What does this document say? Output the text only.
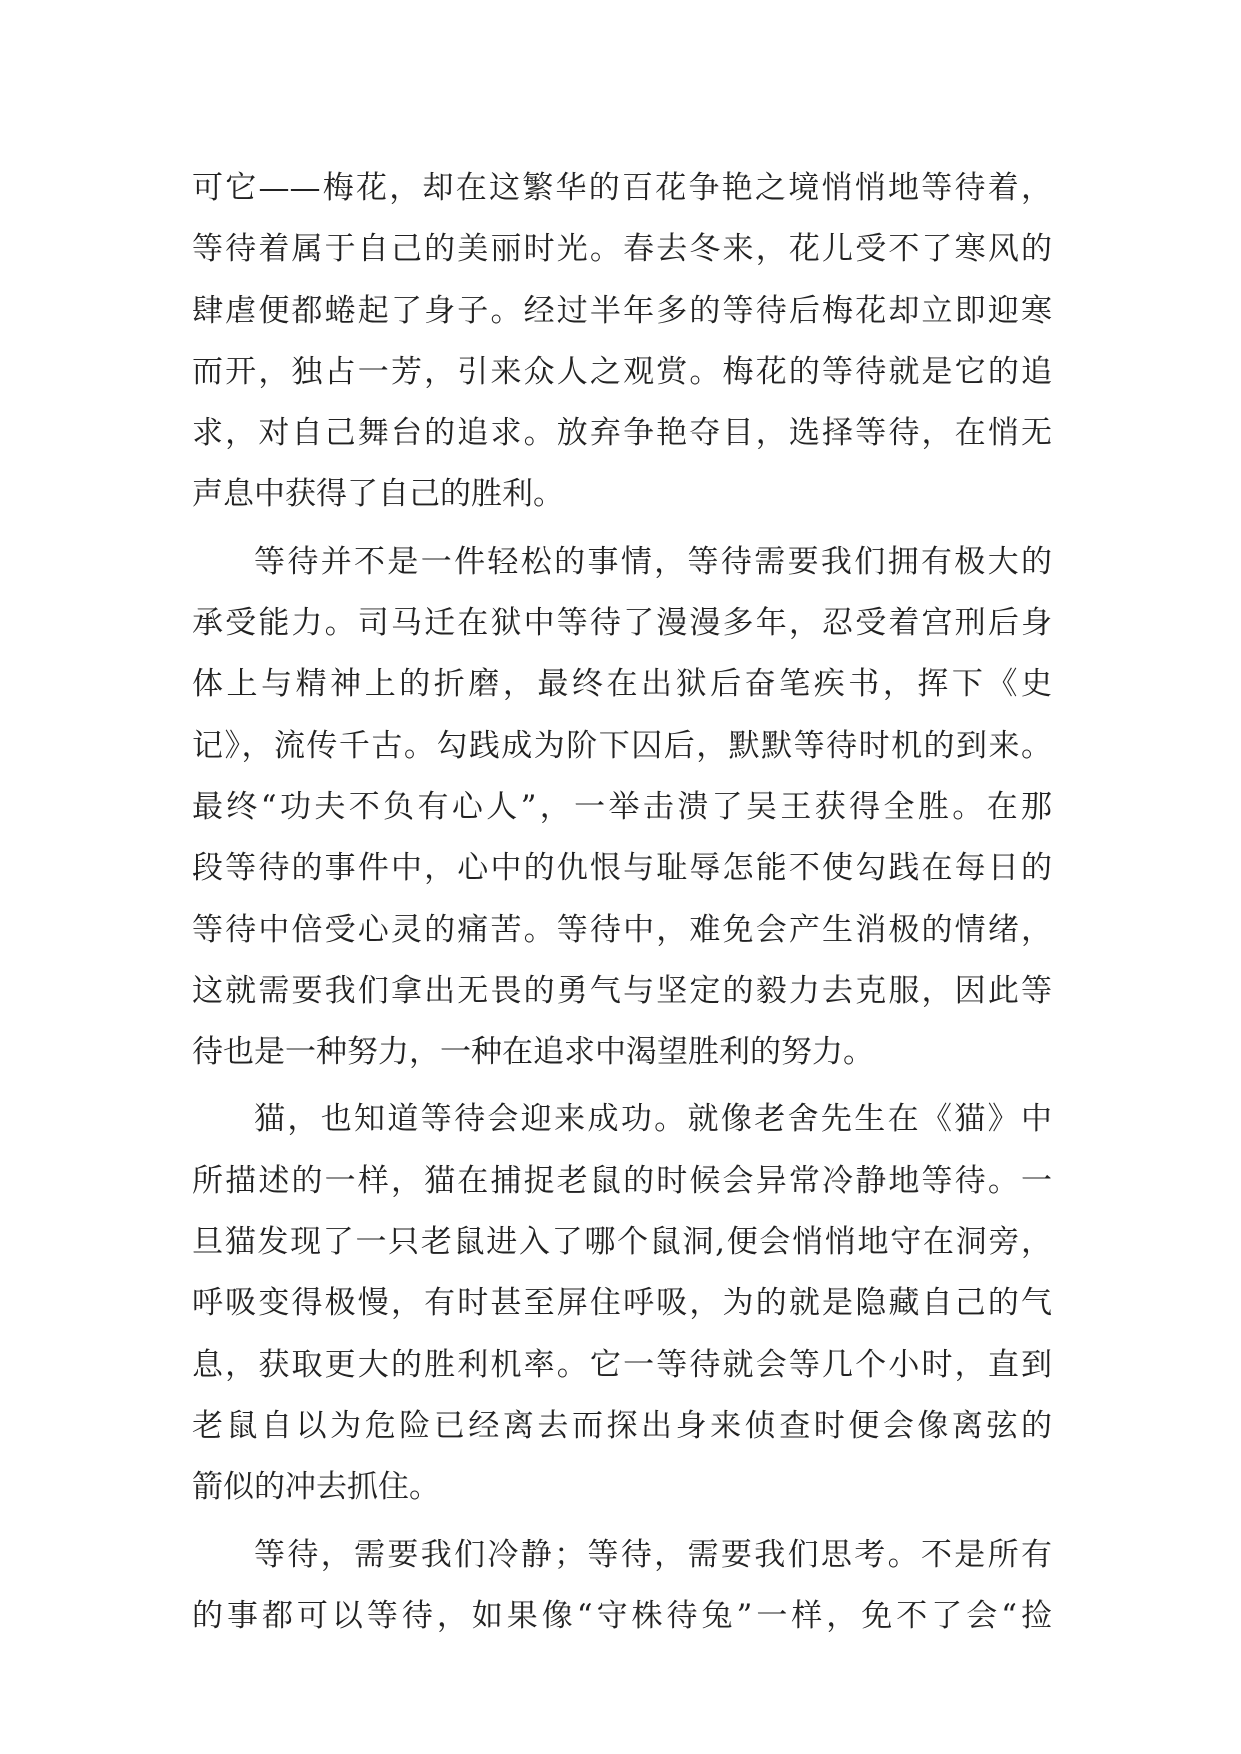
可它——梅花，却在这繁华的百花争艳之境悄悄地等待着，
等待着属于自己的美丽时光。春去冬来，花儿受不了寒风的
肆虐便都蜷起了身子。经过半年多的等待后梅花却立即迎寒
而开，独占一芳，引来众人之观赏。梅花的等待就是它的追
求，对自己舞台的追求。放弃争艳夺目，选择等待，在悄无
声息中获得了自己的胜利。
等待并不是一件轻松的事情，等待需要我们拥有极大的
承受能力。司马迁在狱中等待了漫漫多年，忍受着宫刑后身
体上与精神上的折磨，最终在出狱后奋笔疾书，挥下《史
记》，流传千古。勾践成为阶下囚后，默默等待时机的到来。
最终“功夫不负有心人”，一举击溃了吴王获得全胜。在那
段等待的事件中，心中的仇恨与耻辱怎能不使勾践在每日的
等待中倍受心灵的痛苦。等待中，难免会产生消极的情绪，
这就需要我们拿出无畏的勇气与坚定的毅力去克服，因此等
待也是一种努力，一种在追求中渴望胜利的努力。
猫，也知道等待会迎来成功。就像老舍先生在《猫》中
所描述的一样，猫在捕捉老鼠的时候会异常冷静地等待。一
旦猫发现了一只老鼠进入了哪个鼠洞,便会悄悄地守在洞旁，
呼吸变得极慢，有时甚至屏住呼吸，为的就是隐藏自己的气
息，获取更大的胜利机率。它一等待就会等几个小时，直到
老鼠自以为危险已经离去而探出身来侦查时便会像离弦的
箭似的冲去抓住。
等待，需要我们冷静；等待，需要我们思考。不是所有
的事都可以等待，如果像“守株待兔”一样，免不了会“捡
